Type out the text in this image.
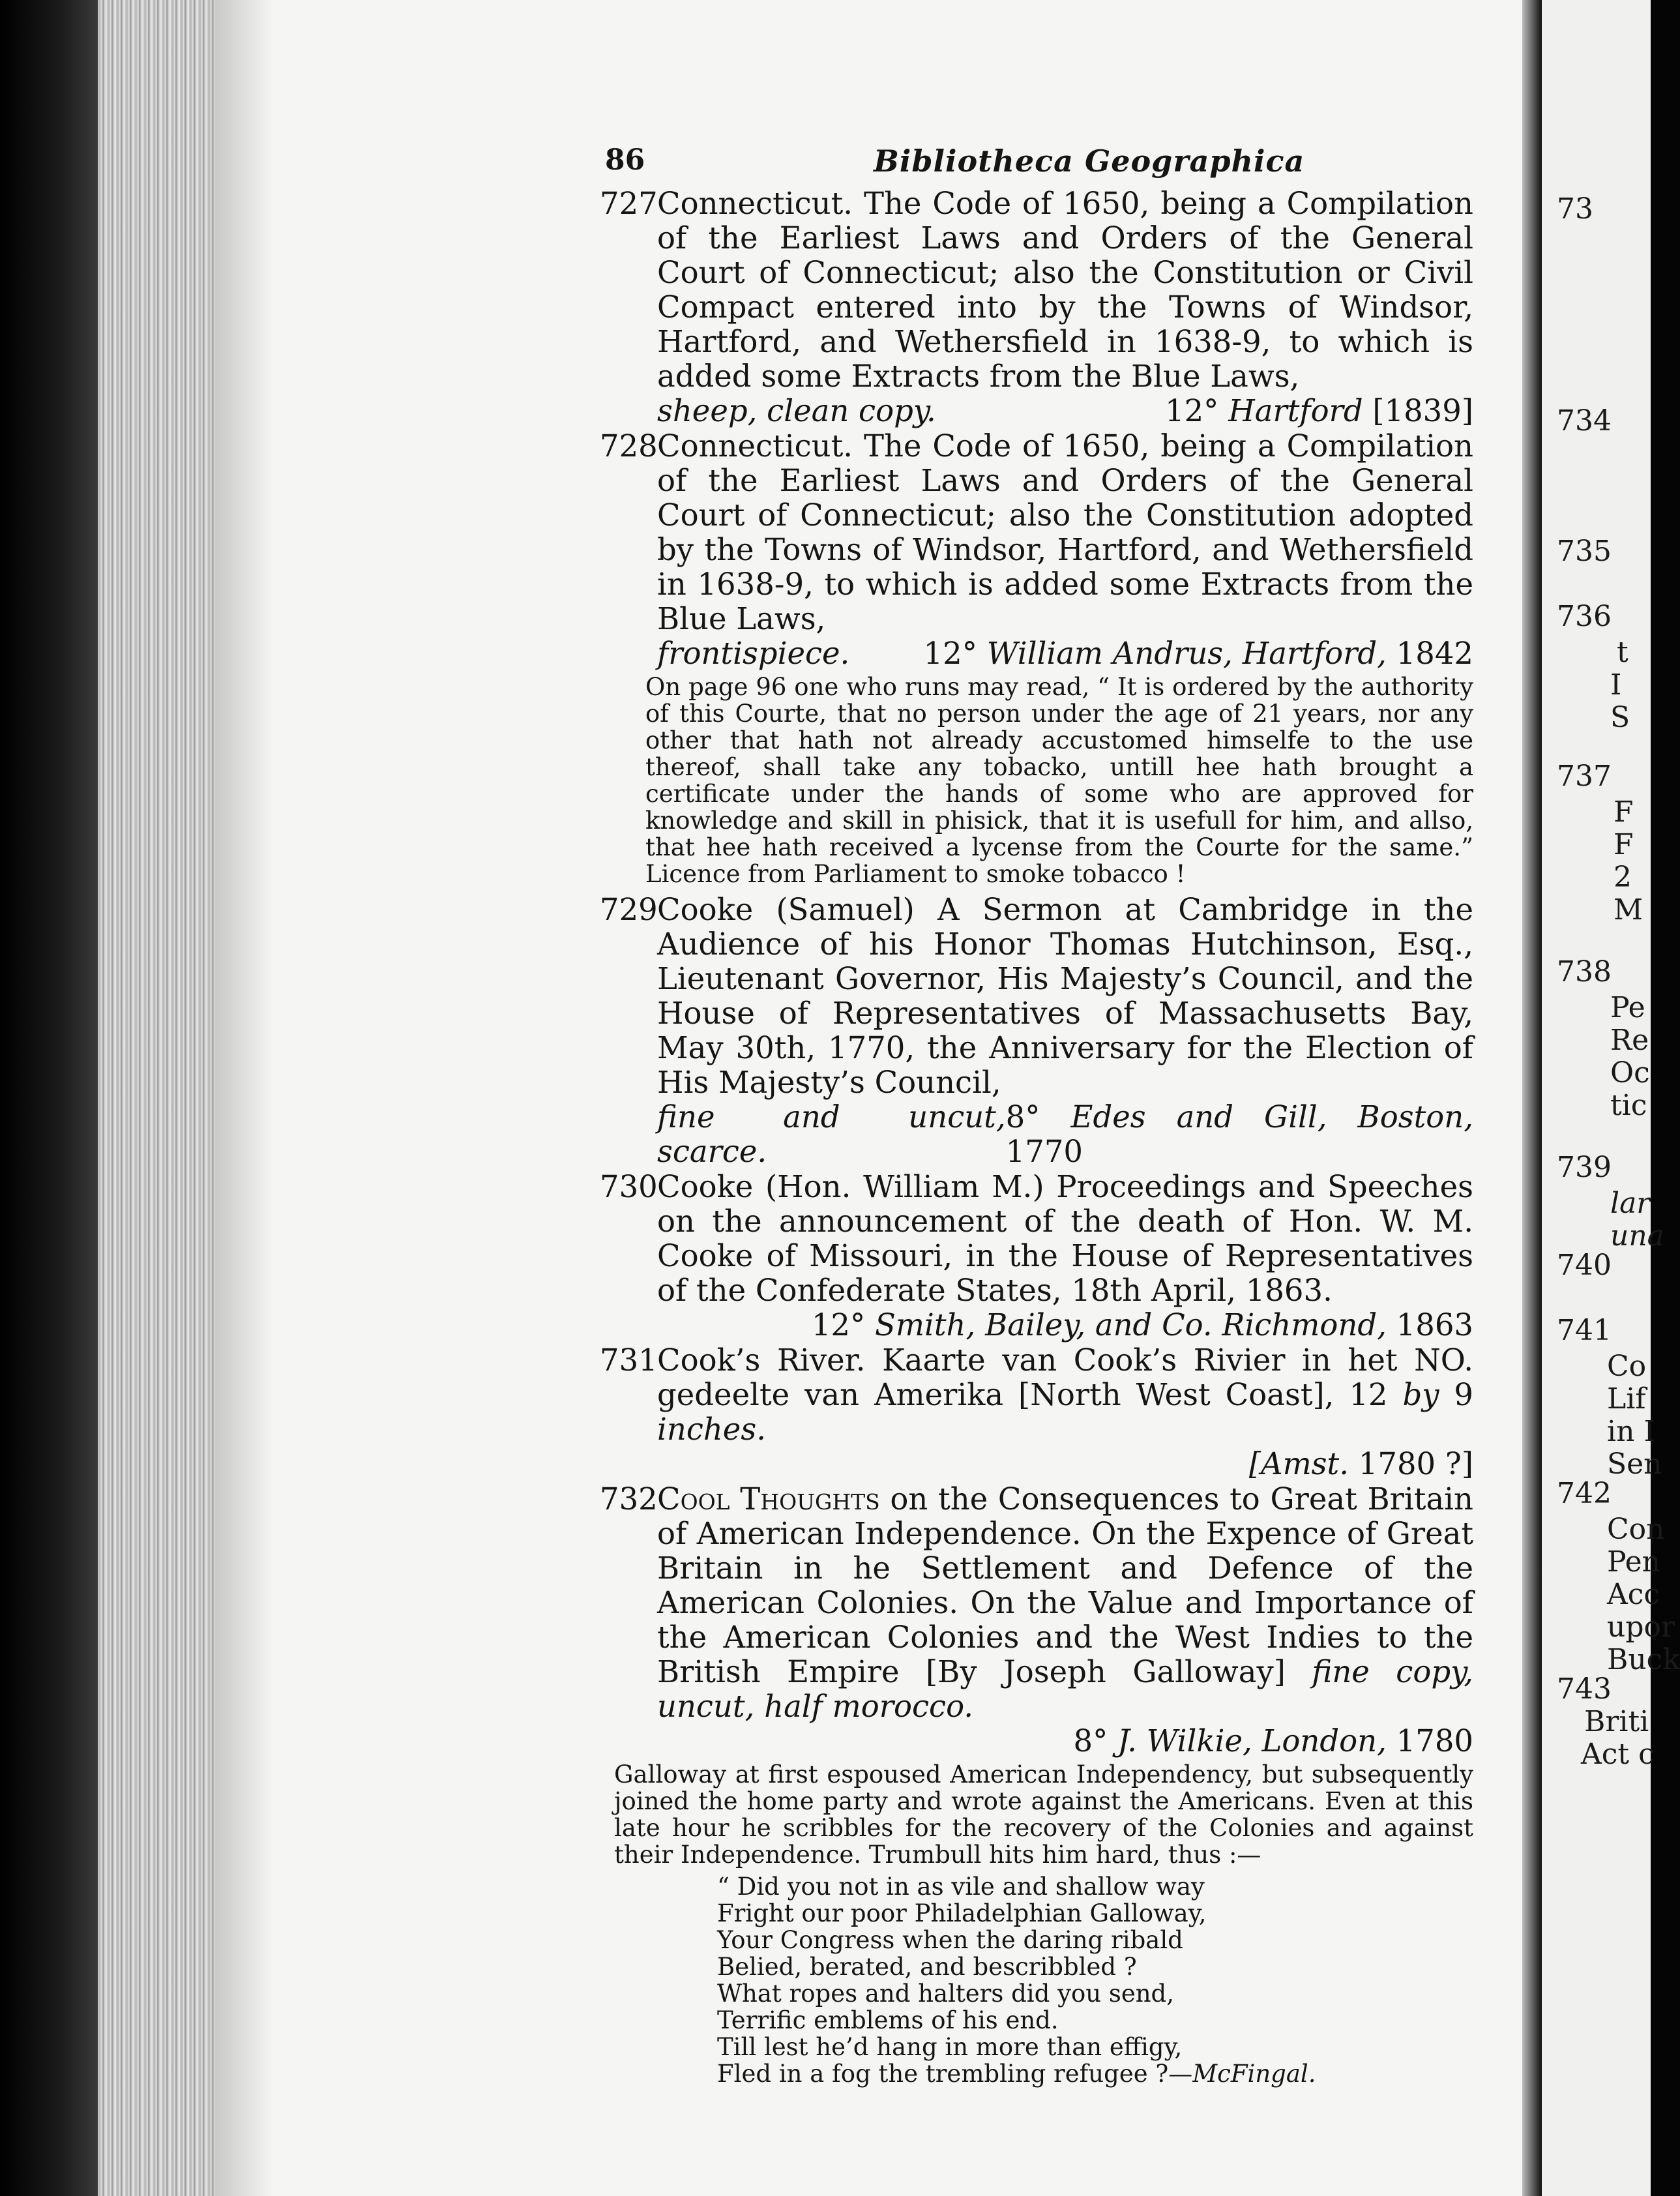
73
734
735
736
t
I
S
737
F
F
2
M
738
Pe
Re
Oc
tic
739
lar
una
740
741
Co
Lif
in I
Sen
742
Con
Pen
Acc
upor
Buck
743
Briti
Act c
86	Bibliotheca Geographica
727 Connecticut. The Code of 1650, being a Compilation of the Earliest Laws and Orders of the General Court of Connecticut; also the Constitution or Civil Compact entered into by the Towns of Windsor, Hartford, and Wethersfield in 1638-9, to which is added some Extracts from the Blue Laws,
sheep, clean copy.	12° Hartford [1839]
728 Connecticut. The Code of 1650, being a Compilation of the Earliest Laws and Orders of the General Court of Connecticut; also the Constitution adopted by the Towns of Windsor, Hartford, and Wethersfield in 1638-9, to which is added some Extracts from the Blue Laws,
frontispiece. 12° William Andrus, Hartford, 1842
On page 96 one who runs may read, “ It is ordered by the authority of this Courte, that no person under the age of 21 years, nor any other that hath not already accustomed himselfe to the use thereof, shall take any tobacko, untill hee hath brought a certificate under the hands of some who are approved for knowledge and skill in phisick, that it is usefull for him, and allso, that hee hath received a lycense from the Courte for the same.” Licence from Parliament to smoke tobacco !
729 Cooke (Samuel) A Sermon at Cambridge in the Audience of his Honor Thomas Hutchinson, Esq., Lieutenant Governor, His Majesty’s Council, and the House of Representatives of Massachusetts Bay, May 30th, 1770, the Anniversary for the Election of His Majesty’s Council,
fine and uncut, scarce.
8° Edes and Gill, Boston, 1770
730 Cooke (Hon. William M.) Proceedings and Speeches on the announcement of the death of Hon. W. M. Cooke of Missouri, in the House of Representatives of the Confederate States, 18th April, 1863.
12° Smith, Bailey, and Co. Richmond, 1863
731 Cook’s River. Kaarte van Cook’s Rivier in het NO. gedeelte van Amerika [North West Coast], 12 by 9 inches.
[Amst. 1780 ?]
732 Cool Thoughts on the Consequences to Great Britain of American Independence. On the Expence of Great Britain in he Settlement and Defence of the American Colonies. On the Value and Importance of the American Colonies and the West Indies to the British Empire [By Joseph Galloway] fine copy, uncut, half morocco.
8° J. Wilkie, London, 1780
Galloway at first espoused American Independency, but subsequently joined the home party and wrote against the Americans. Even at this late hour he scribbles for the recovery of the Colonies and against their Independence. Trumbull hits him hard, thus :—
“ Did you not in as vile and shallow way
Fright our poor Philadelphian Galloway,
Your Congress when the daring ribald
Belied, berated, and bescribbled ?
What ropes and halters did you send,
Terrific emblems of his end.
Till lest he’d hang in more than effigy,
Fled in a fog the trembling refugee ?—McFingal.
